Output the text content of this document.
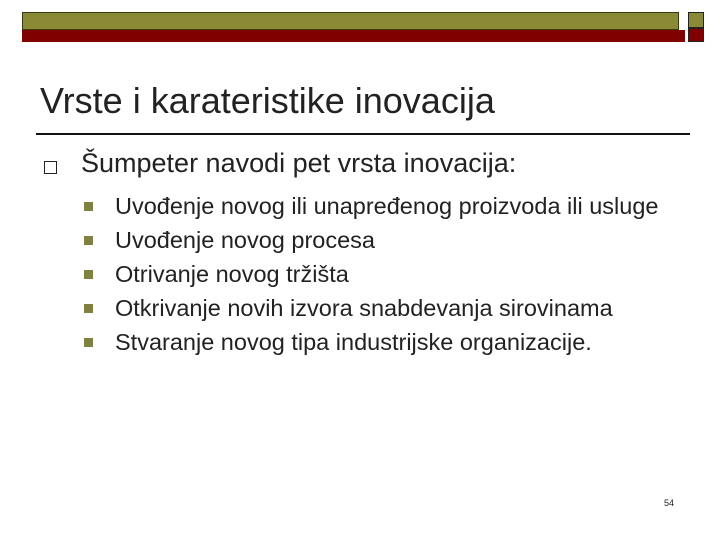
Vrste i karateristike inovacija
Šumpeter navodi pet vrsta inovacija:
Uvođenje novog ili unapređenog proizvoda ili usluge
Uvođenje novog procesa
Otrivanje novog tržišta
Otkrivanje novih izvora snabdevanja sirovinama
Stvaranje novog tipa industrijske organizacije.
54
